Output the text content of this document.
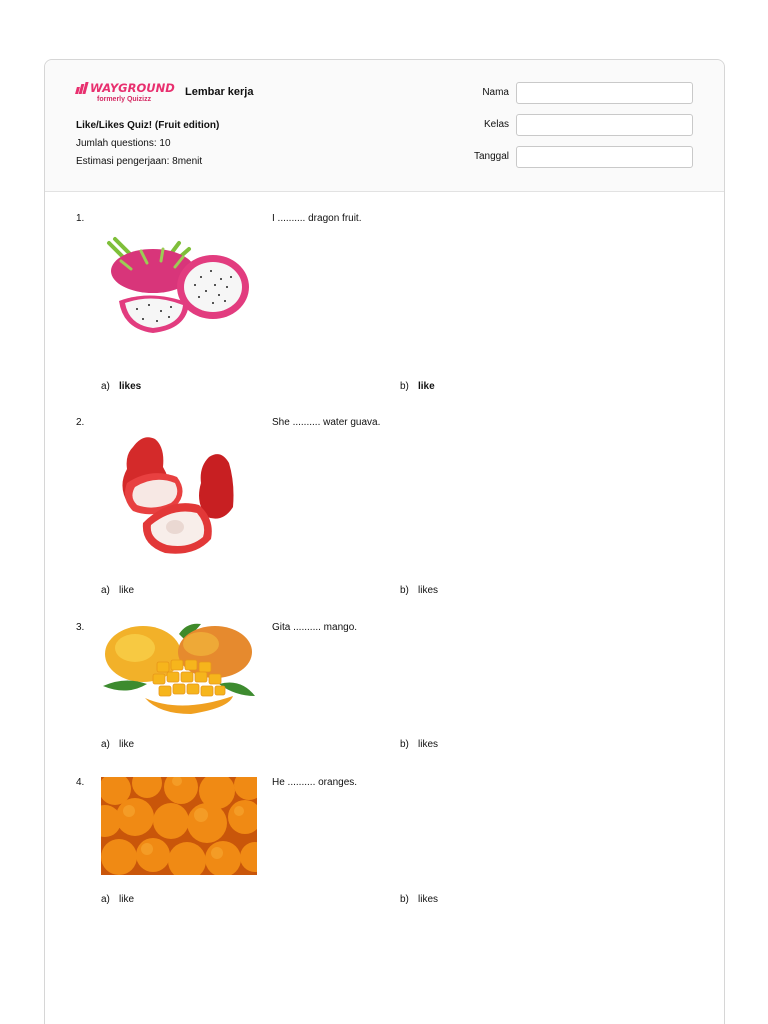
WAYGROUND
formerly Quizizz
Lembar kerja
Like/Likes Quiz! (Fruit edition)
Jumlah questions: 10
Estimasi pengerjaan: 8menit
Nama
Kelas
Tanggal
1.	I .......... dragon fruit.
a) likes	b) like
2.	She .......... water guava.
a) like	b) likes
3.	Gita .......... mango.
a) like	b) likes
4.	He .......... oranges.
a) like	b) likes
